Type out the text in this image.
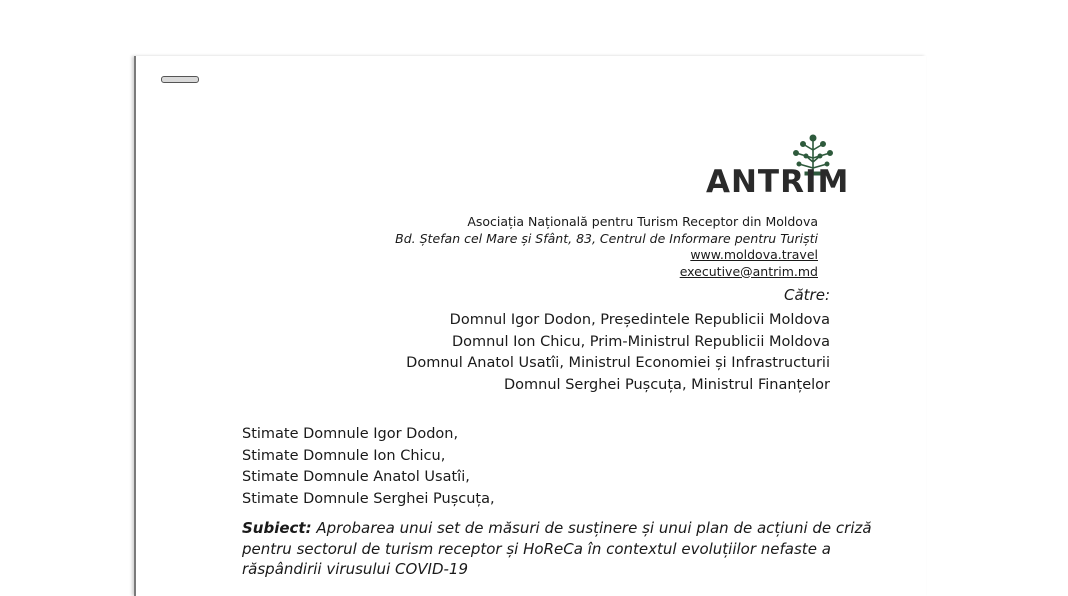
ANTRIM
Asociația Națională pentru Turism Receptor din Moldova
Bd. Ștefan cel Mare și Sfânt, 83, Centrul de Informare pentru Turiști
www.moldova.travel
executive@antrim.md
Către:
Domnul Igor Dodon, Președintele Republicii Moldova
Domnul Ion Chicu, Prim-Ministrul Republicii Moldova
Domnul Anatol Usatîi, Ministrul Economiei și Infrastructurii
Domnul Serghei Pușcuța, Ministrul Finanțelor
Stimate Domnule Igor Dodon,
Stimate Domnule Ion Chicu,
Stimate Domnule Anatol Usatîi,
Stimate Domnule Serghei Pușcuța,
Subiect: Aprobarea unui set de măsuri de susținere și unui plan de acțiuni de criză
pentru sectorul de turism receptor și HoReCa în contextul evoluțiilor nefaste a
răspândirii virusului COVID-19
